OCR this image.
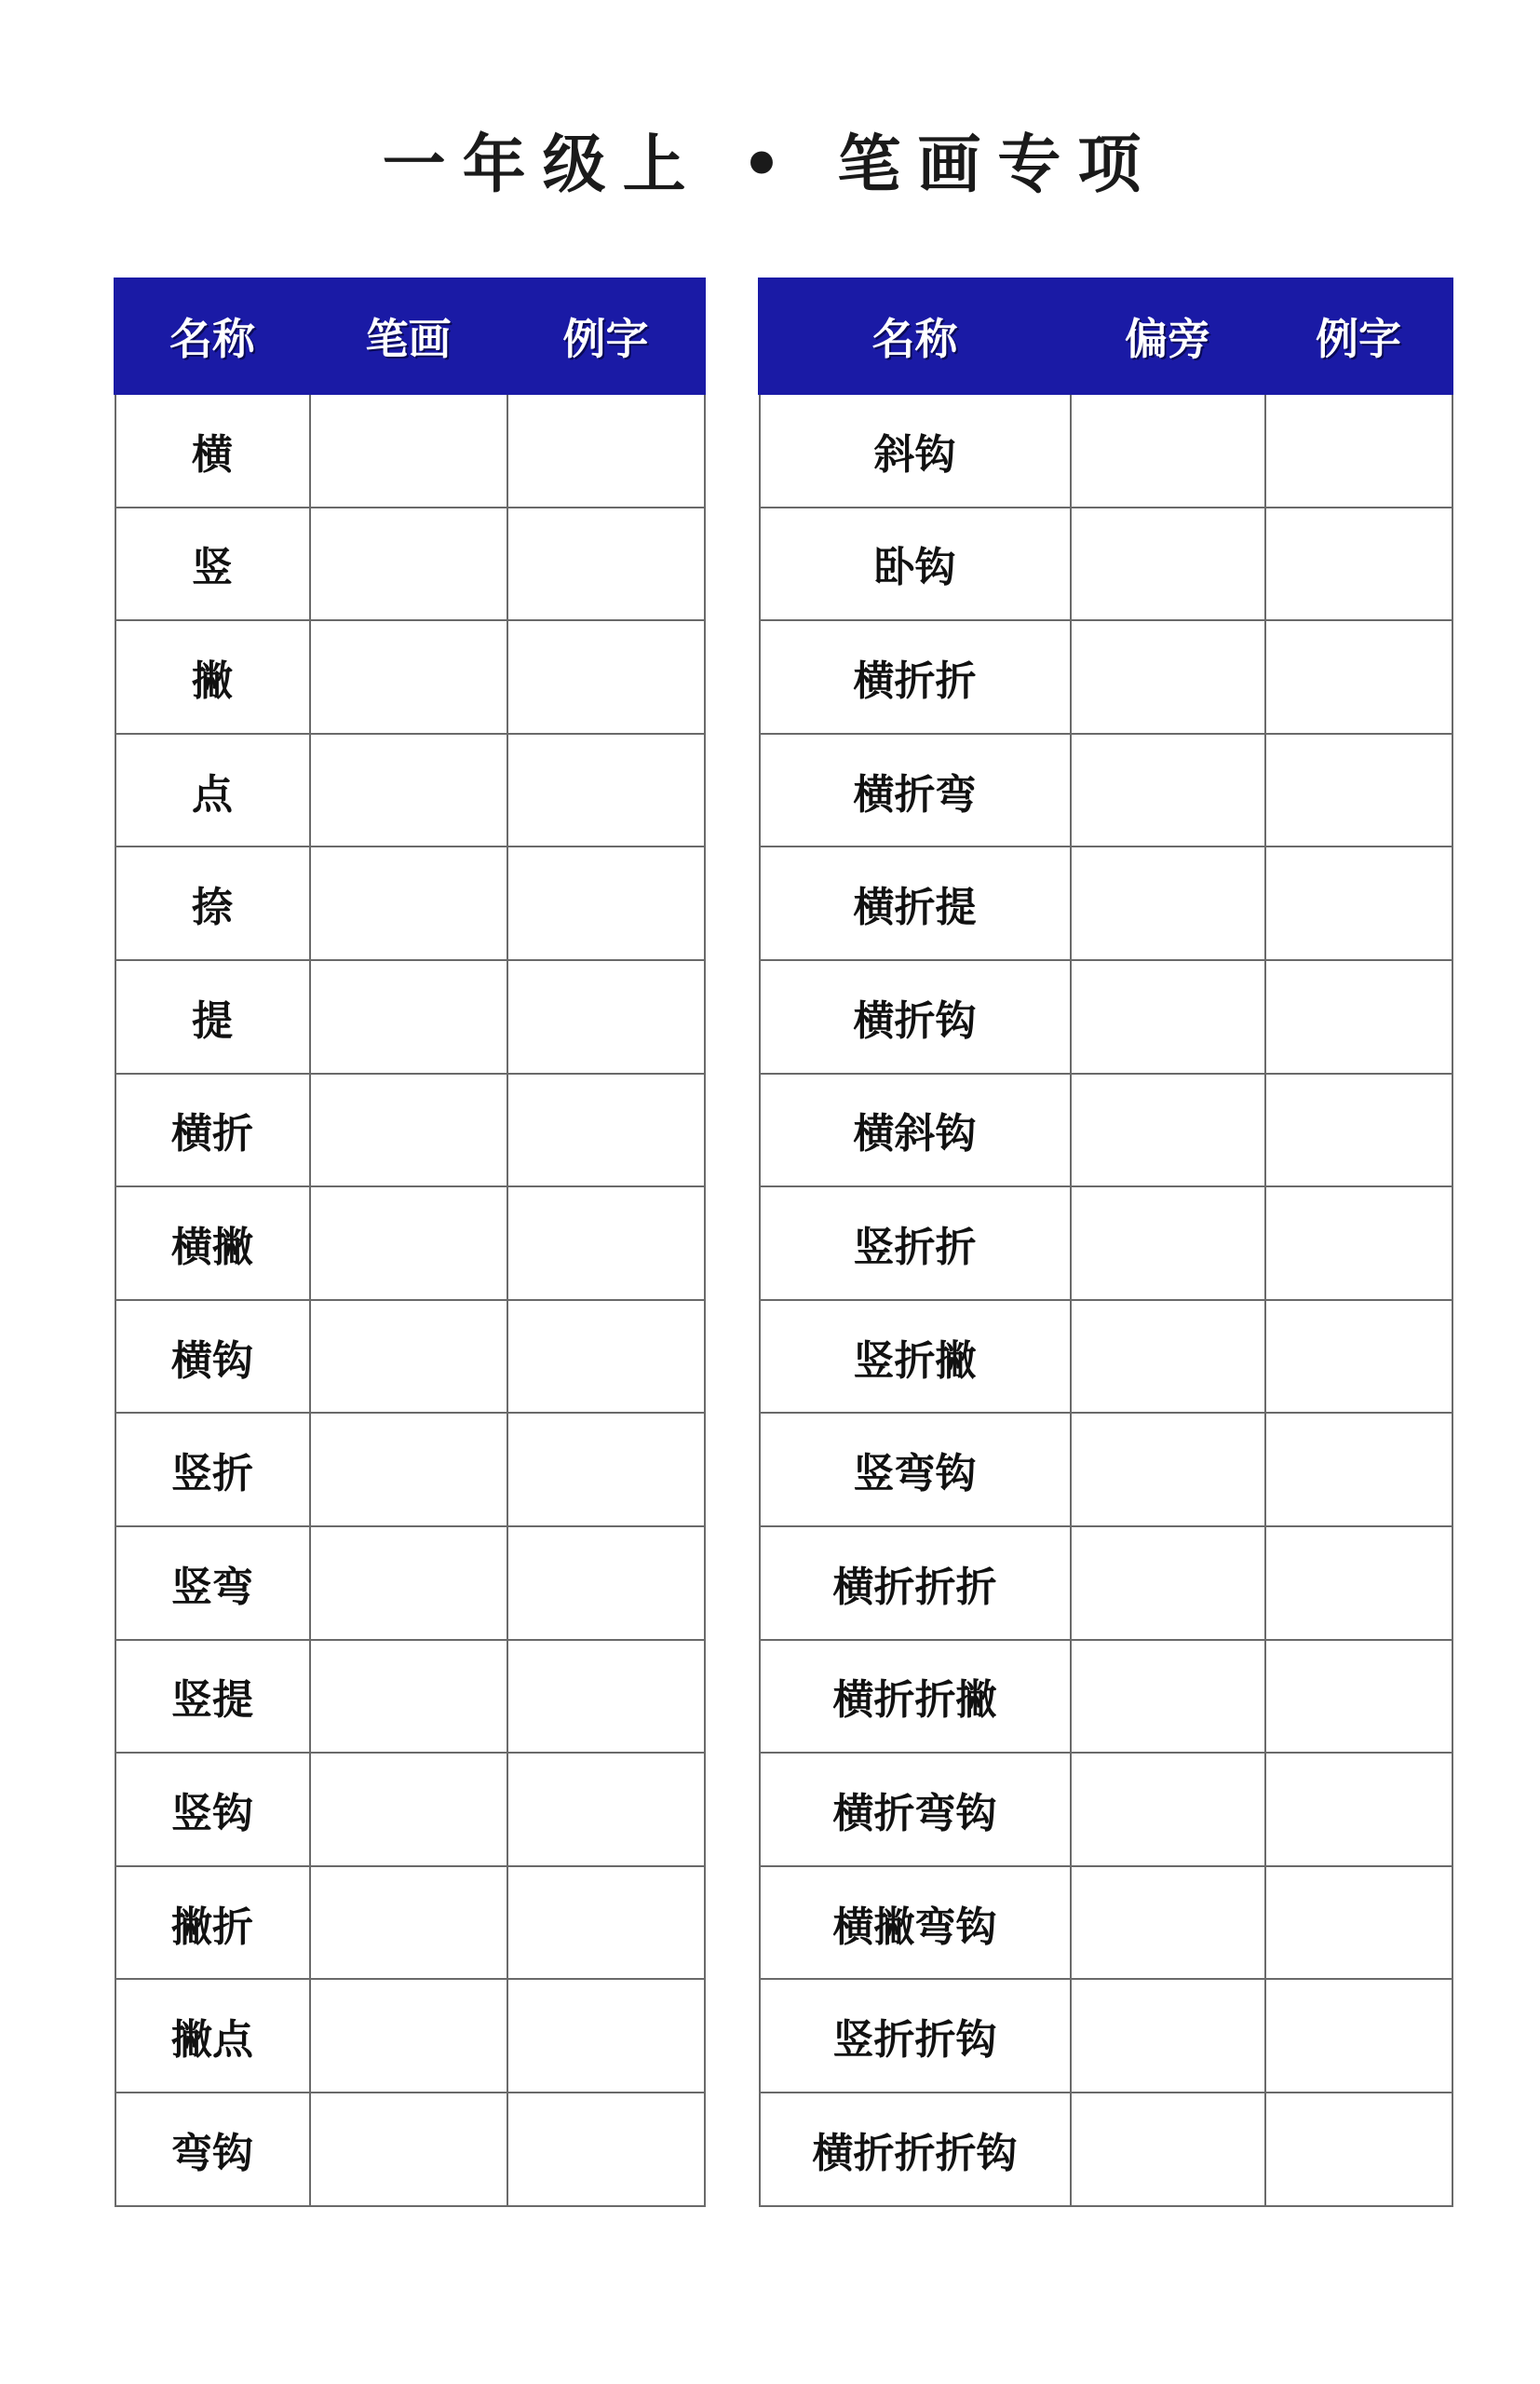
一年级上 • 笔画专项
名称	笔画	例字
横		
竖		
撇		
点		
捺		
提		
横折		
横撇		
横钩		
竖折		
竖弯		
竖提		
竖钩		
撇折		
撇点		
弯钩		
名称	偏旁	例字
斜钩		
卧钩		
横折折		
横折弯		
横折提		
横折钩		
横斜钩		
竖折折		
竖折撇		
竖弯钩		
横折折折		
横折折撇		
横折弯钩		
横撇弯钩		
竖折折钩		
横折折折钩		
